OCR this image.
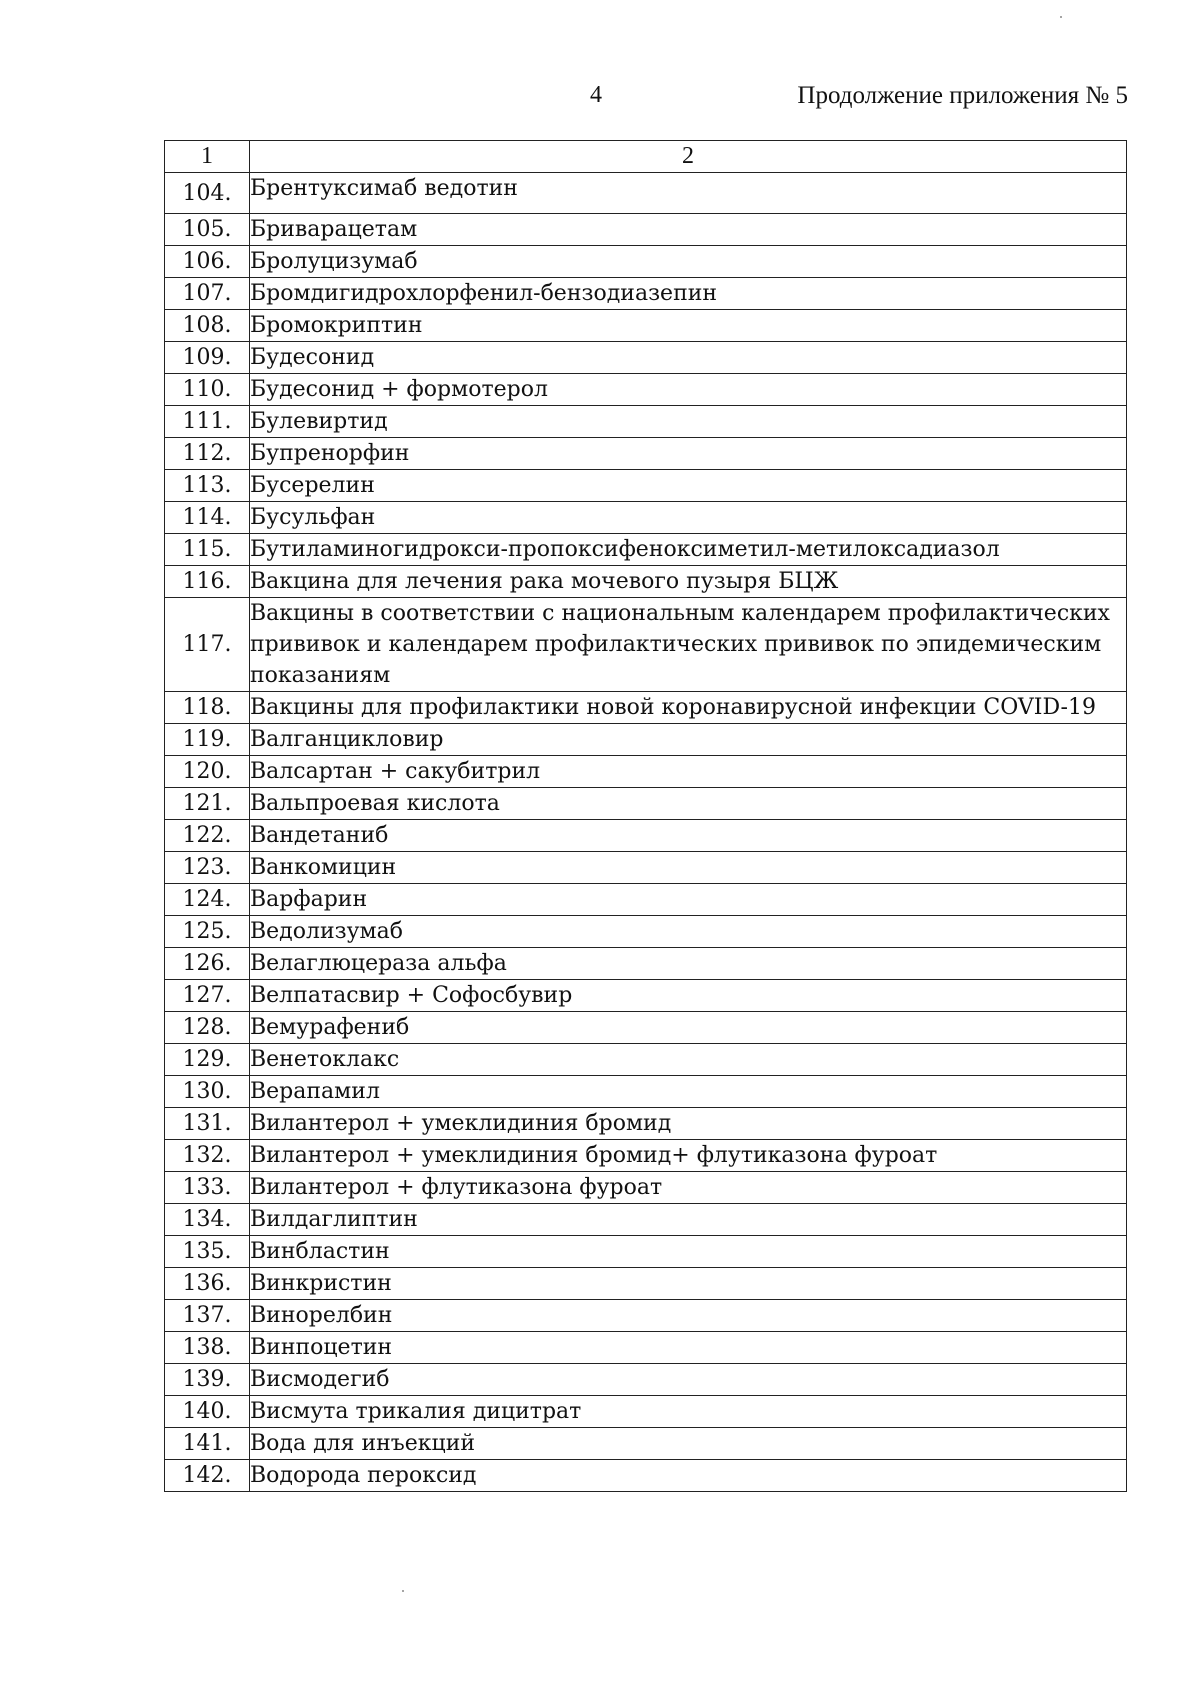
4	Продолжение приложения № 5
1	2
104.	Брентуксимаб ведотин
105.	Бриварацетам
106.	Бролуцизумаб
107.	Бромдигидрохлорфенил-бензодиазепин
108.	Бромокриптин
109.	Будесонид
110.	Будесонид + формотерол
111.	Булевиртид
112.	Бупренорфин
113.	Бусерелин
114.	Бусульфан
115.	Бутиламиногидрокси-пропоксифеноксиметил-метилоксадиазол
116.	Вакцина для лечения рака мочевого пузыря БЦЖ
117.	Вакцины в соответствии с национальным календарем профилактических прививок и календарем профилактических прививок по эпидемическим показаниям
118.	Вакцины для профилактики новой коронавирусной инфекции COVID-19
119.	Валганцикловир
120.	Валсартан + сакубитрил
121.	Вальпроевая кислота
122.	Вандетаниб
123.	Ванкомицин
124.	Варфарин
125.	Ведолизумаб
126.	Велаглюцераза альфа
127.	Велпатасвир + Софосбувир
128.	Вемурафениб
129.	Венетоклакс
130.	Верапамил
131.	Вилантерол + умеклидиния бромид
132.	Вилантерол + умеклидиния бромид+ флутиказона фуроат
133.	Вилантерол + флутиказона фуроат
134.	Вилдаглиптин
135.	Винбластин
136.	Винкристин
137.	Винорелбин
138.	Винпоцетин
139.	Висмодегиб
140.	Висмута трикалия дицитрат
141.	Вода для инъекций
142.	Водорода пероксид
